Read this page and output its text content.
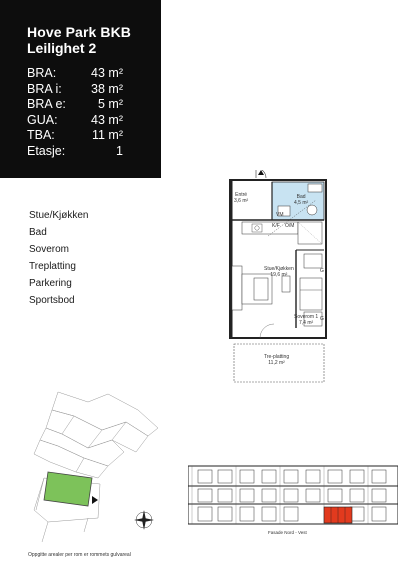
Hove Park BKB
Leilighet 2
BRA:	43 m²
BRA i: 38 m²
BRA e:	5 m²
GUA:	43 m²
TBA:	11 m²
Etasje:	1
Stue/Kjøkken
Bad
Soverom
Treplatting
Parkering
Sportsbod
Entré
3,6 m²
Bad
4,5 m²
VM
K/F O/M
Stue/Kjøkken
19,6 m²
G
G
Soverom 1
7,4 m²
Tre-platting
11,2 m²
Fasade Nord - Vest
Oppgitte arealer per rom er rommets gulvareal
